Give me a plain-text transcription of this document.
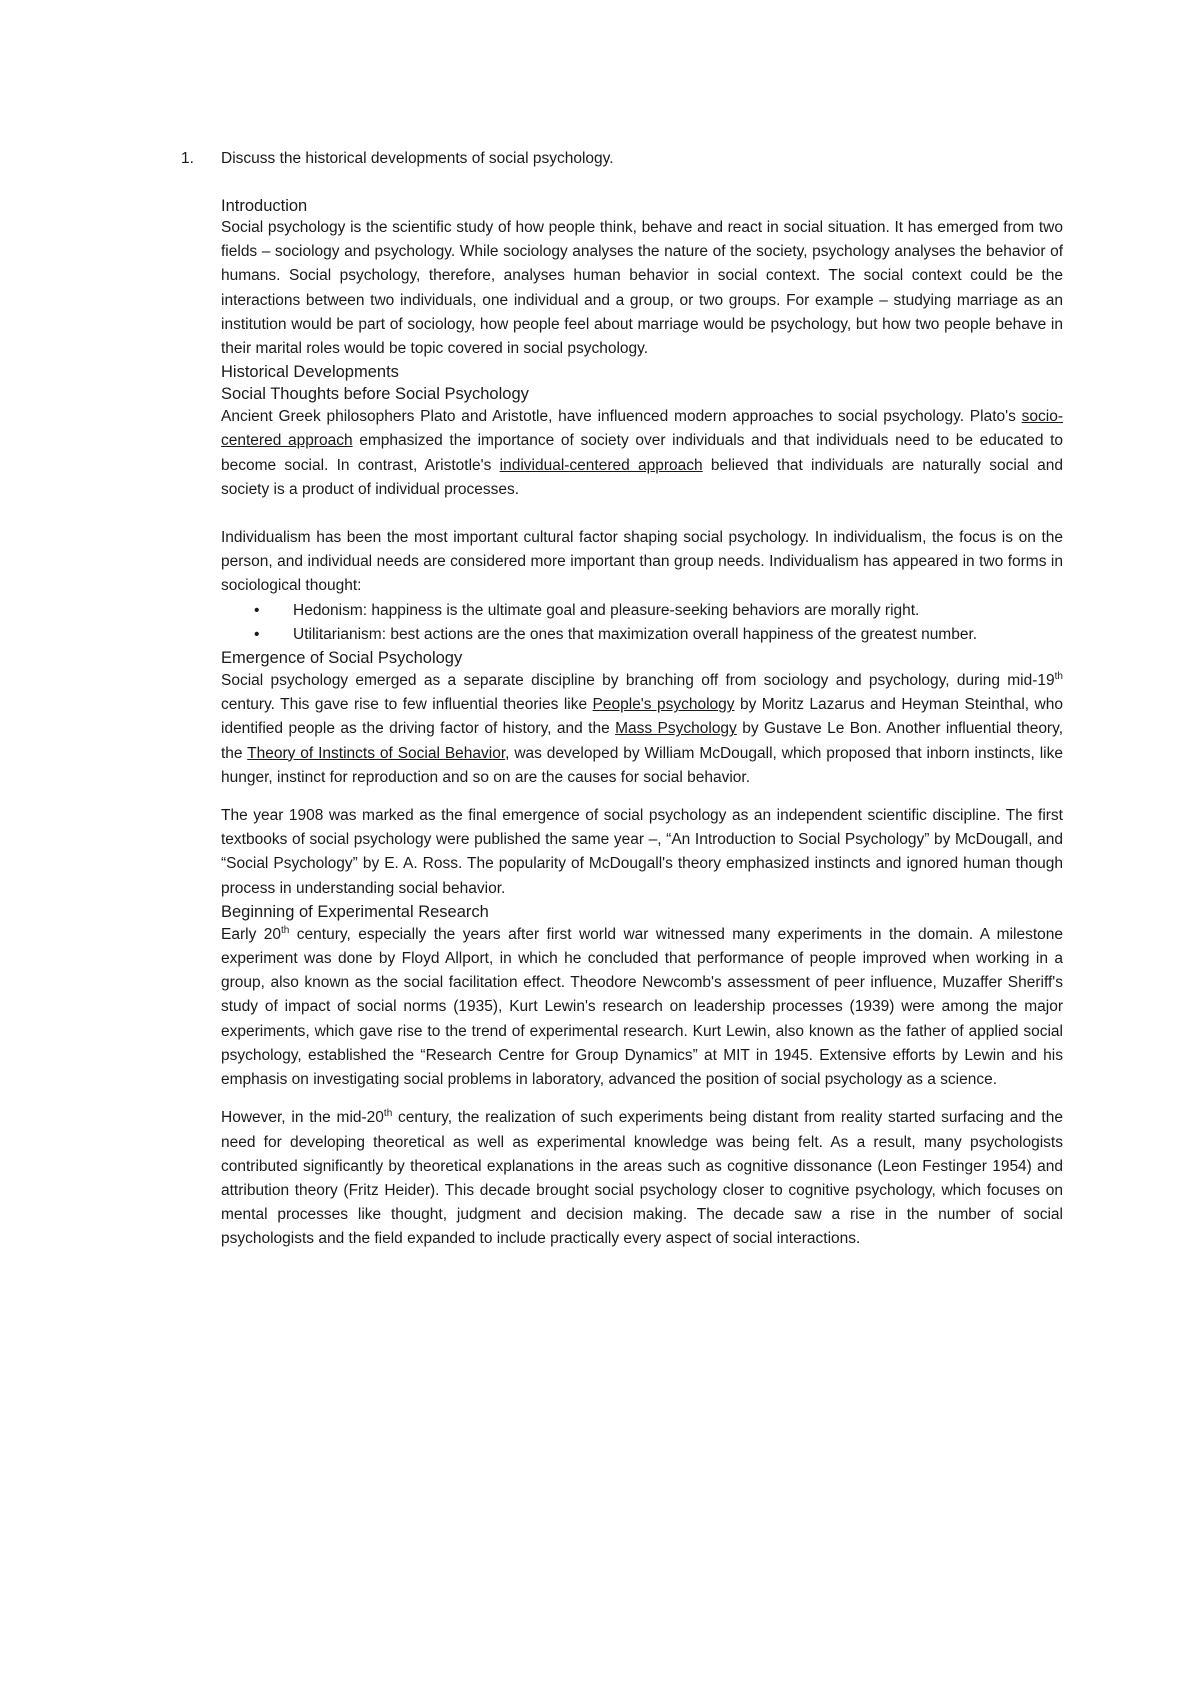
1. Discuss the historical developments of social psychology.

Introduction

Social psychology is the scientific study of how people think, behave and react in social situation. It has emerged from two fields – sociology and psychology. While sociology analyses the nature of the society, psychology analyses the behavior of humans. Social psychology, therefore, analyses human behavior in social context. The social context could be the interactions between two individuals, one individual and a group, or two groups. For example – studying marriage as an institution would be part of sociology, how people feel about marriage would be psychology, but how two people behave in their marital roles would be topic covered in social psychology.

Historical Developments

Social Thoughts before Social Psychology

Ancient Greek philosophers Plato and Aristotle, have influenced modern approaches to social psychology. Plato's socio-centered approach emphasized the importance of society over individuals and that individuals need to be educated to become social. In contrast, Aristotle's individual-centered approach believed that individuals are naturally social and society is a product of individual processes.

Individualism has been the most important cultural factor shaping social psychology. In individualism, the focus is on the person, and individual needs are considered more important than group needs. Individualism has appeared in two forms in sociological thought:

• Hedonism: happiness is the ultimate goal and pleasure-seeking behaviors are morally right.
• Utilitarianism: best actions are the ones that maximization overall happiness of the greatest number.

Emergence of Social Psychology

Social psychology emerged as a separate discipline by branching off from sociology and psychology, during mid-19th century. This gave rise to few influential theories like People's psychology by Moritz Lazarus and Heyman Steinthal, who identified people as the driving factor of history, and the Mass Psychology by Gustave Le Bon. Another influential theory, the Theory of Instincts of Social Behavior, was developed by William McDougall, which proposed that inborn instincts, like hunger, instinct for reproduction and so on are the causes for social behavior.

The year 1908 was marked as the final emergence of social psychology as an independent scientific discipline. The first textbooks of social psychology were published the same year –, “An Introduction to Social Psychology” by McDougall, and “Social Psychology” by E. A. Ross. The popularity of McDougall's theory emphasized instincts and ignored human though process in understanding social behavior.

Beginning of Experimental Research

Early 20th century, especially the years after first world war witnessed many experiments in the domain. A milestone experiment was done by Floyd Allport, in which he concluded that performance of people improved when working in a group, also known as the social facilitation effect. Theodore Newcomb's assessment of peer influence, Muzaffer Sheriff's study of impact of social norms (1935), Kurt Lewin's research on leadership processes (1939) were among the major experiments, which gave rise to the trend of experimental research. Kurt Lewin, also known as the father of applied social psychology, established the “Research Centre for Group Dynamics” at MIT in 1945. Extensive efforts by Lewin and his emphasis on investigating social problems in laboratory, advanced the position of social psychology as a science.

However, in the mid-20th century, the realization of such experiments being distant from reality started surfacing and the need for developing theoretical as well as experimental knowledge was being felt. As a result, many psychologists contributed significantly by theoretical explanations in the areas such as cognitive dissonance (Leon Festinger 1954) and attribution theory (Fritz Heider). This decade brought social psychology closer to cognitive psychology, which focuses on mental processes like thought, judgment and decision making. The decade saw a rise in the number of social psychologists and the field expanded to include practically every aspect of social interactions.
